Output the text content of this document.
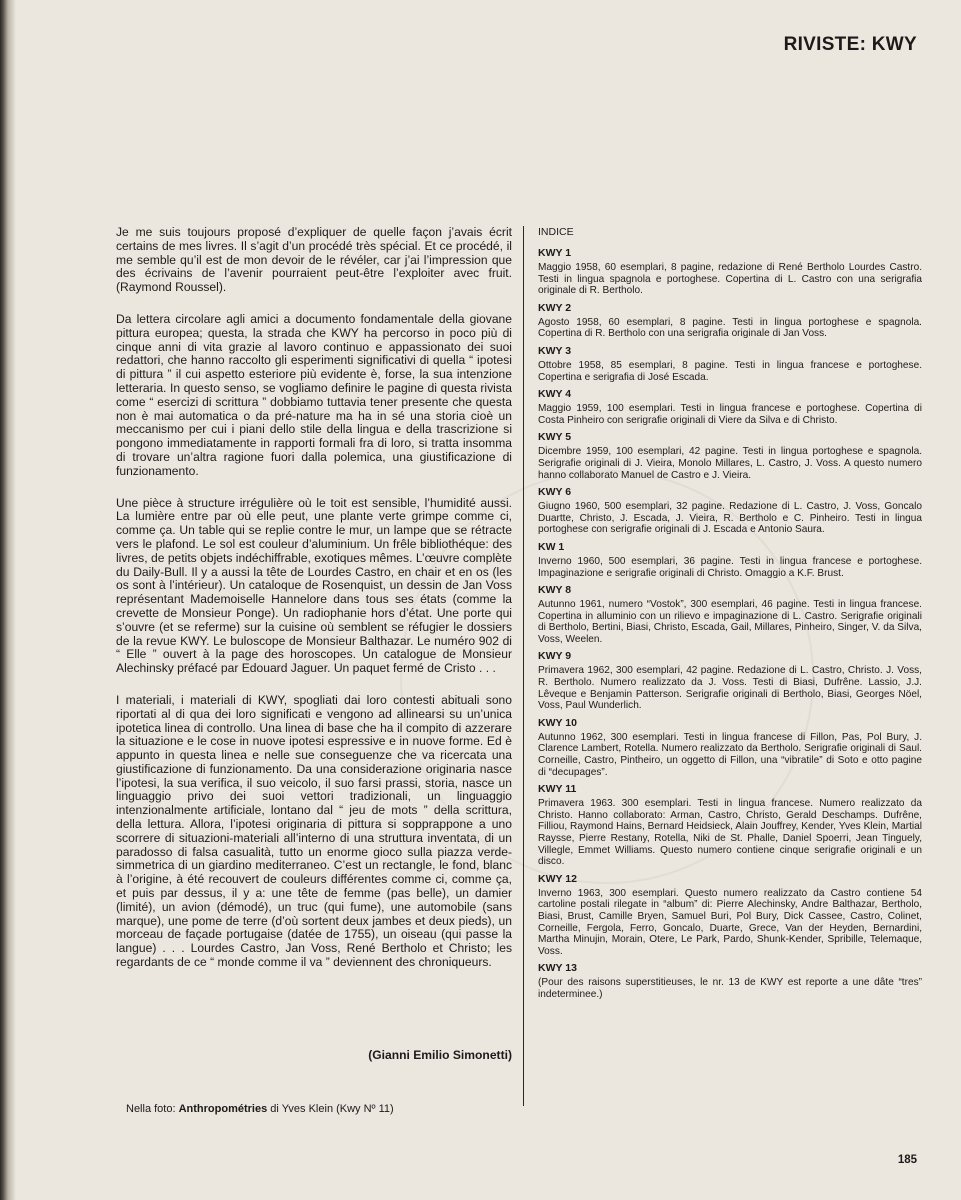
RIVISTE: KWY

Je me suis toujours proposé d’expliquer de quelle façon j’avais écrit certains de mes livres. Il s’agit d’un procédé très spécial. Et ce procédé, il me semble qu’il est de mon devoir de le révéler, car j’ai l’impression que des écrivains de l’avenir pourraient peut-être l’exploiter avec fruit. (Raymond Roussel).

Da lettera circolare agli amici a documento fondamentale della giovane pittura europea; questa, la strada che KWY ha percorso in poco più di cinque anni di vita grazie al lavoro continuo e appassionato dei suoi redattori, che hanno raccolto gli esperimenti significativi di quella “ ipotesi di pittura ” il cui aspetto esteriore più evidente è, forse, la sua intenzione letteraria. In questo senso, se vogliamo definire le pagine di questa rivista come “ esercizi di scrittura ” dobbiamo tuttavia tener presente che questa non è mai automatica o da pré-nature ma ha in sé una storia cioè un meccanismo per cui i piani dello stile della lingua e della trascrizione si pongono immediatamente in rapporti formali fra di loro, si tratta insomma di trovare un’altra ragione fuori dalla polemica, una giustificazione di funzionamento.

Une pièce à structure irrégulière où le toit est sensible, l’humidité aussi. La lumière entre par où elle peut, une plante verte grimpe comme ci, comme ça. Un table qui se replie contre le mur, un lampe que se rétracte vers le plafond. Le sol est couleur d’aluminium. Un frêle bibliothéque: des livres, de petits objets indéchiffrable, exotiques mêmes. L’œuvre complète du Daily-Bull. Il y a aussi la tête de Lourdes Castro, en chair et en os (les os sont à l’intérieur). Un cataloque de Rosenquist, un dessin de Jan Voss représentant Mademoiselle Hannelore dans tous ses états (comme la crevette de Monsieur Ponge). Un radiophanie hors d’état. Une porte qui s’ouvre (et se referme) sur la cuisine où semblent se réfugier le dossiers de la revue KWY. Le buloscope de Monsieur Balthazar. Le numéro 902 di “ Elle ” ouvert à la page des horoscopes. Un catalogue de Monsieur Alechinsky préfacé par Edouard Jaguer. Un paquet fermé de Cristo . . .

I materiali, i materiali di KWY, spogliati dai loro contesti abituali sono riportati al di qua dei loro significati e vengono ad allinearsi su un’unica ipotetica linea di controllo. Una linea di base che ha il compito di azzerare la situazione e le cose in nuove ipotesi espressive e in nuove forme. Ed è appunto in questa linea e nelle sue conseguenze che va ricercata una giustificazione di funzionamento. Da una considerazione originaria nasce l’ipotesi, la sua verifica, il suo veicolo, il suo farsi prassi, storia, nasce un linguaggio privo dei suoi vettori tradizionali, un linguaggio intenzionalmente artificiale, lontano dal “ jeu de mots ” della scrittura, della lettura. Allora, l’ipotesi originaria di pittura si sopprappone a uno scorrere di situazioni-materiali all’interno di una struttura inventata, di un paradosso di falsa casualità, tutto un enorme gioco sulla piazza verde-simmetrica di un giardino mediterraneo. C’est un rectangle, le fond, blanc à l’origine, à été recouvert de couleurs différentes comme ci, comme ça, et puis par dessus, il y a: une tête de femme (pas belle), un damier (limité), un avion (démodé), un truc (qui fume), une automobile (sans marque), une pome de terre (d’où sortent deux jambes et deux pieds), un morceau de façade portugaise (datée de 1755), un oiseau (qui passe la langue) . . . Lourdes Castro, Jan Voss, René Bertholo et Christo; les regardants de ce “ monde comme il va ” deviennent des chroniqueurs.

(Gianni Emilio Simonetti)
Nella foto: Anthropométries di Yves Klein (Kwy Nº 11)
INDICE
KWY 1
Maggio 1958, 60 esemplari, 8 pagine, redazione di René Bertholo Lourdes Castro. Testi in lingua spagnola e portoghese. Copertina di L. Castro con una serigrafia originale di R. Bertholo.
KWY 2
Agosto 1958, 60 esemplari, 8 pagine. Testi in lingua portoghese e spagnola. Copertina di R. Bertholo con una serigrafia originale di Jan Voss.
KWY 3
Ottobre 1958, 85 esemplari, 8 pagine. Testi in lingua francese e portoghese. Copertina e serigrafia di José Escada.
KWY 4
Maggio 1959, 100 esemplari. Testi in lingua francese e portoghese. Copertina di Costa Pinheiro con serigrafie originali di Viere da Silva e di Christo.
KWY 5
Dicembre 1959, 100 esemplari, 42 pagine. Testi in lingua portoghese e spagnola. Serigrafie originali di J. Vieira, Monolo Millares, L. Castro, J. Voss. A questo numero hanno collaborato Manuel de Castro e J. Vieira.
KWY 6
Giugno 1960, 500 esemplari, 32 pagine. Redazione di L. Castro, J. Voss, Goncalo Duartte, Christo, J. Escada, J. Vieira, R. Bertholo e C. Pinheiro. Testi in lingua portoghese con serigrafie originali di J. Escada e Antonio Saura.
KW 1
Inverno 1960, 500 esemplari, 36 pagine. Testi in lingua francese e portoghese. Impaginazione e serigrafie originali di Christo. Omaggio a K.F. Brust.
KWY 8
Autunno 1961, numero “Vostok”, 300 esemplari, 46 pagine. Testi in lingua francese. Copertina in alluminio con un rilievo e impaginazione di L. Castro. Serigrafie originali di Bertholo, Bertini, Biasi, Christo, Escada, Gail, Millares, Pinheiro, Singer, V. da Silva, Voss, Weelen.
KWY 9
Primavera 1962, 300 esemplari, 42 pagine. Redazione di L. Castro, Christo. J. Voss, R. Bertholo. Numero realizzato da J. Voss. Testi di Biasi, Dufrêne. Lassio, J.J. Lêveque e Benjamin Patterson. Serigrafie originali di Bertholo, Biasi, Georges Nöel, Voss, Paul Wunderlich.
KWY 10
Autunno 1962, 300 esemplari. Testi in lingua francese di Fillon, Pas, Pol Bury, J. Clarence Lambert, Rotella. Numero realizzato da Bertholo. Serigrafie originali di Saul. Corneille, Castro, Pintheiro, un oggetto di Fillon, una “vibratile” di Soto e otto pagine di “decupages”.
KWY 11
Primavera 1963. 300 esemplari. Testi in lingua francese. Numero realizzato da Christo. Hanno collaborato: Arman, Castro, Christo, Gerald Deschamps. Dufrêne, Filliou, Raymond Hains, Bernard Heidsieck, Alain Jouffrey, Kender, Yves Klein, Martial Raysse, Pierre Restany, Rotella, Niki de St. Phalle, Daniel Spoerri, Jean Tinguely, Villegle, Emmet Williams. Questo numero contiene cinque serigrafie originali e un disco.
KWY 12
Inverno 1963, 300 esemplari. Questo numero realizzato da Castro contiene 54 cartoline postali rilegate in “album” di: Pierre Alechinsky, Andre Balthazar, Bertholo, Biasi, Brust, Camille Bryen, Samuel Buri, Pol Bury, Dick Cassee, Castro, Colinet, Corneille, Fergola, Ferro, Goncalo, Duarte, Grece, Van der Heyden, Bernardini, Martha Minujin, Morain, Otere, Le Park, Pardo, Shunk-Kender, Spribille, Telemaque, Voss.
KWY 13
(Pour des raisons superstitieuses, le nr. 13 de KWY est reporte a une dâte “tres” indeterminee.)
185
